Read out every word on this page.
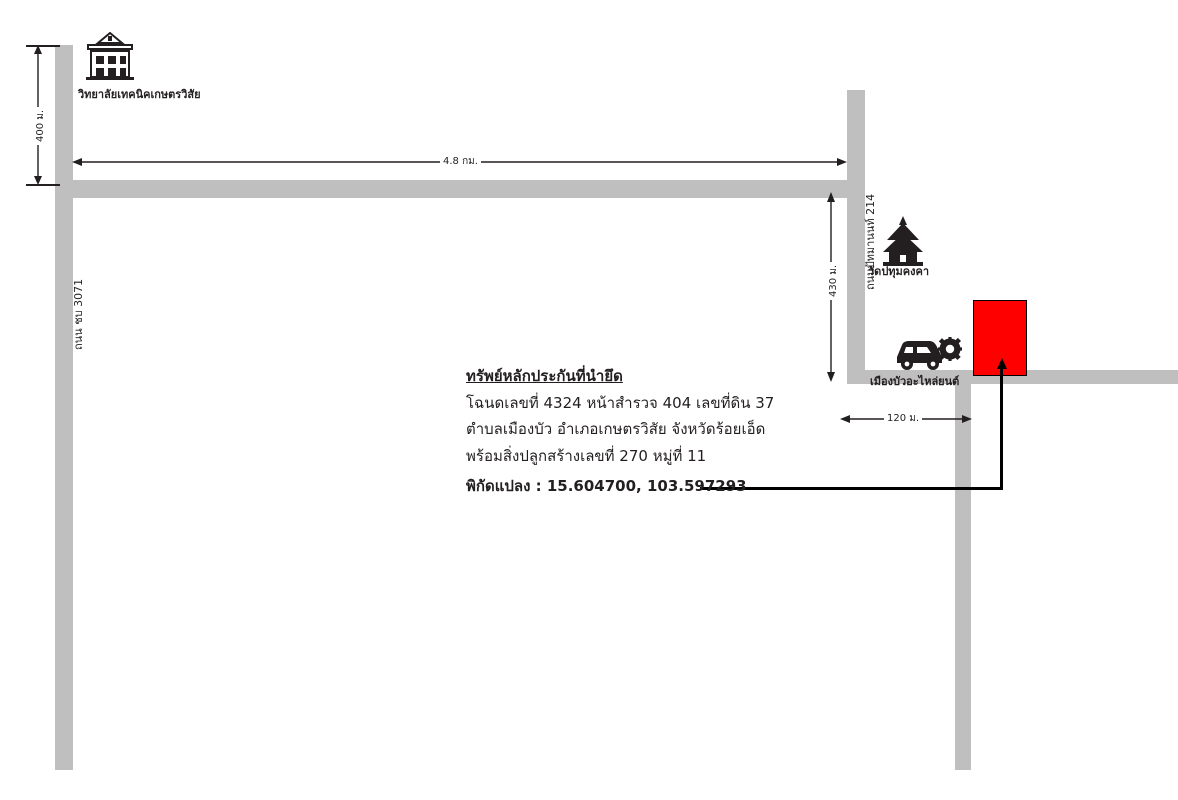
400 ม.
4.8 กม.
430 ม.
120 ม.
ถนน ชบ 3071
ถนนปัทมานนท์ 214
วิทยาลัยเทคนิคเกษตรวิสัย
วัดปทุมคงคา
เมืองบัวอะไหล่ยนต์
ทรัพย์หลักประกันที่นำยึด
โฉนดเลขที่ 4324 หน้าสำรวจ 404 เลขที่ดิน 37
ตำบลเมืองบัว อำเภอเกษตรวิสัย จังหวัดร้อยเอ็ด
พร้อมสิ่งปลูกสร้างเลขที่ 270 หมู่ที่ 11
พิกัดแปลง : 15.604700, 103.597293
